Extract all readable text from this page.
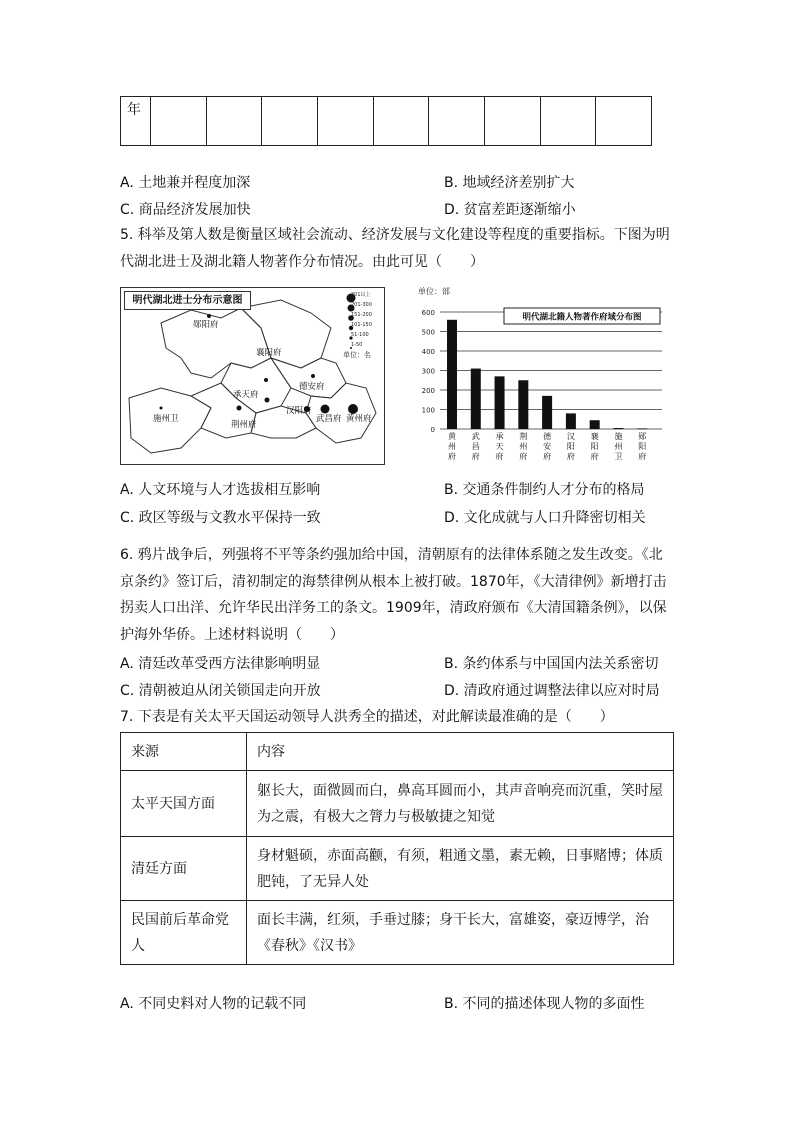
年									
A. 土地兼并程度加深	B. 地域经济差别扩大
C. 商品经济发展加快	D. 贫富差距逐渐缩小
5. 科举及第人数是衡量区域社会流动、经济发展与文化建设等程度的重要指标。下图为明代湖北进士及湖北籍人物著作分布情况。由此可见（　　）
明代湖北进士分布示意图	301以上
201-300
151-200
101-150
51-100
1-50
单位：名
郧阳府
襄阳府
德安府
承天府
汉阳府
武昌府 黄州府
荆州府
施州卫
单位：部
0
100
200
300
400
500
600	明代湖北籍人物著作府域分布图
黄州府
武昌府
承天府
荆州府
德安府
汉阳府
襄阳府
施州卫
郧阳府
A. 人文环境与人才选拔相互影响	B. 交通条件制约人才分布的格局
C. 政区等级与文教水平保持一致	D. 文化成就与人口升降密切相关
6. 鸦片战争后，列强将不平等条约强加给中国，清朝原有的法律体系随之发生改变。《北京条约》签订后，清初制定的海禁律例从根本上被打破。1870年，《大清律例》新增打击拐卖人口出洋、允许华民出洋务工的条文。1909年，清政府颁布《大清国籍条例》，以保护海外华侨。上述材料说明（　　）
A. 清廷改革受西方法律影响明显	B. 条约体系与中国国内法关系密切
C. 清朝被迫从闭关锁国走向开放	D. 清政府通过调整法律以应对时局
7. 下表是有关太平天国运动领导人洪秀全的描述，对此解读最准确的是（　　）
来源	内容
太平天国方面	躯长大，面微圆而白，鼻高耳圆而小，其声音响亮而沉重，笑时屋为之震，有极大之膂力与极敏捷之知觉
清廷方面	身材魁硕，赤面高颧，有须，粗通文墨，素无赖，日事赌博；体质肥钝，了无异人处
民国前后革命党人	面长丰满，红须，手垂过膝；身干长大，富雄姿，豪迈博学，治《春秋》《汉书》
A. 不同史料对人物的记载不同	B. 不同的描述体现人物的多面性
